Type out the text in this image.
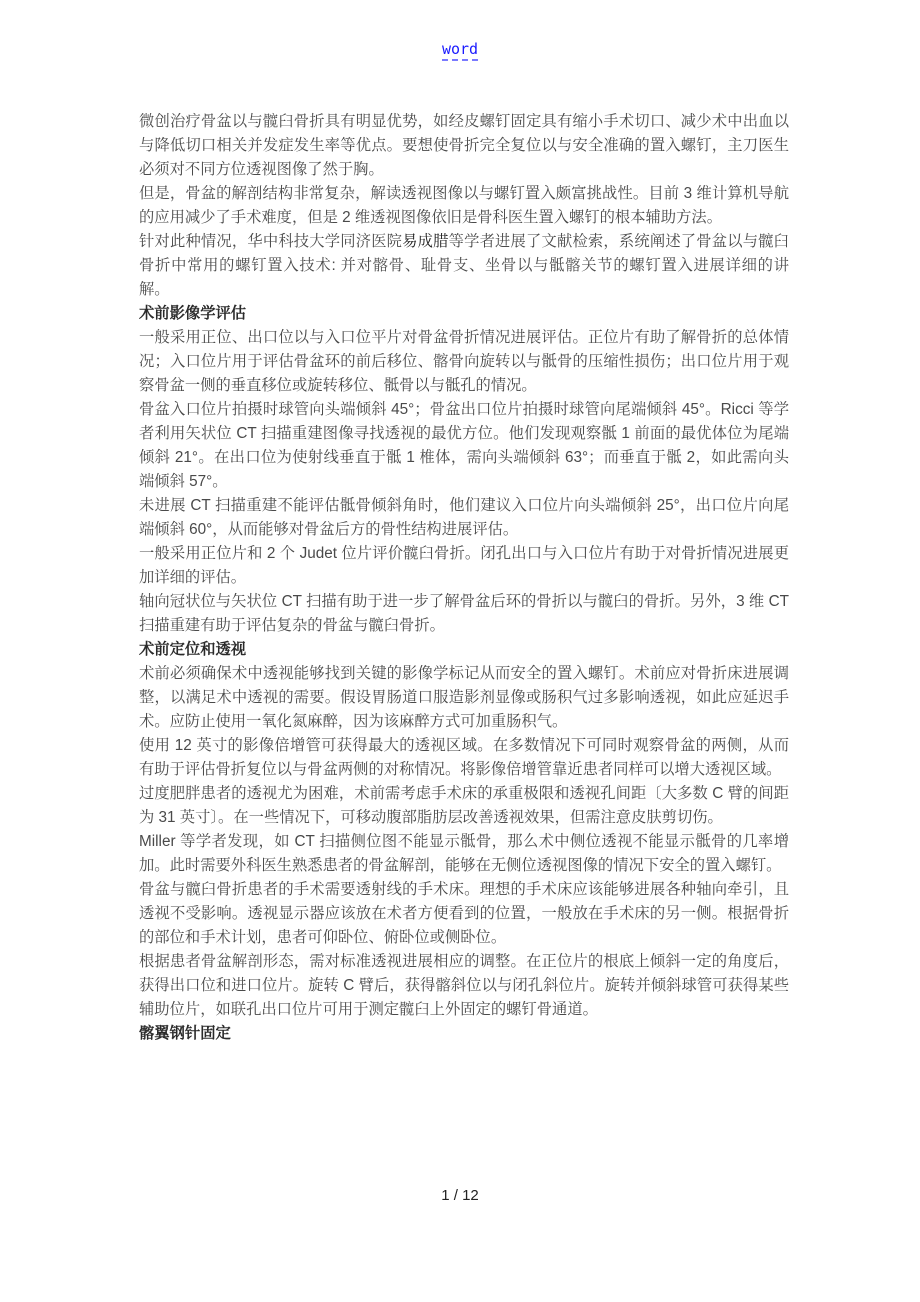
word

微创治疗骨盆以与髋臼骨折具有明显优势，如经皮螺钉固定具有缩小手术切口、减少术中出血以与降低切口相关并发症发生率等优点。要想使骨折完全复位以与安全准确的置入螺钉，主刀医生必须对不同方位透视图像了然于胸。

但是，骨盆的解剖结构非常复杂，解读透视图像以与螺钉置入颇富挑战性。目前 3 维计算机导航的应用减少了手术难度，但是 2 维透视图像依旧是骨科医生置入螺钉的根本辅助方法。

针对此种情况，华中科技大学同济医院易成腊等学者进展了文献检索，系统阐述了骨盆以与髋臼骨折中常用的螺钉置入技术: 并对髂骨、耻骨支、坐骨以与骶髂关节的螺钉置入进展详细的讲解。

术前影像学评估

一般采用正位、出口位以与入口位平片对骨盆骨折情况进展评估。正位片有助了解骨折的总体情况；入口位片用于评估骨盆环的前后移位、髂骨向旋转以与骶骨的压缩性损伤；出口位片用于观察骨盆一侧的垂直移位或旋转移位、骶骨以与骶孔的情况。

骨盆入口位片拍摄时球管向头端倾斜 45°；骨盆出口位片拍摄时球管向尾端倾斜 45°。Ricci 等学者利用矢状位 CT 扫描重建图像寻找透视的最优方位。他们发现观察骶 1 前面的最优体位为尾端倾斜 21°。在出口位为使射线垂直于骶 1 椎体，需向头端倾斜 63°；而垂直于骶 2，如此需向头端倾斜 57°。

未进展 CT 扫描重建不能评估骶骨倾斜角时，他们建议入口位片向头端倾斜 25°，出口位片向尾端倾斜 60°，从而能够对骨盆后方的骨性结构进展评估。

一般采用正位片和 2 个 Judet 位片评价髋臼骨折。闭孔出口与入口位片有助于对骨折情况进展更加详细的评估。

轴向冠状位与矢状位 CT 扫描有助于进一步了解骨盆后环的骨折以与髋臼的骨折。另外，3 维 CT 扫描重建有助于评估复杂的骨盆与髋臼骨折。

术前定位和透视

术前必须确保术中透视能够找到关键的影像学标记从而安全的置入螺钉。术前应对骨折床进展调整，以满足术中透视的需要。假设胃肠道口服造影剂显像或肠积气过多影响透视，如此应延迟手术。应防止使用一氧化氮麻醉，因为该麻醉方式可加重肠积气。

使用 12 英寸的影像倍增管可获得最大的透视区域。在多数情况下可同时观察骨盆的两侧，从而有助于评估骨折复位以与骨盆两侧的对称情况。将影像倍增管靠近患者同样可以增大透视区域。

过度肥胖患者的透视尤为困难，术前需考虑手术床的承重极限和透视孔间距〔大多数 C 臂的间距为 31 英寸〕。在一些情况下，可移动腹部脂肪层改善透视效果，但需注意皮肤剪切伤。

Miller 等学者发现，如 CT 扫描侧位图不能显示骶骨，那么术中侧位透视不能显示骶骨的几率增加。此时需要外科医生熟悉患者的骨盆解剖，能够在无侧位透视图像的情况下安全的置入螺钉。

骨盆与髋臼骨折患者的手术需要透射线的手术床。理想的手术床应该能够进展各种轴向牵引，且透视不受影响。透视显示器应该放在术者方便看到的位置，一般放在手术床的另一侧。根据骨折的部位和手术计划，患者可仰卧位、俯卧位或侧卧位。

根据患者骨盆解剖形态，需对标准透视进展相应的调整。在正位片的根底上倾斜一定的角度后，获得出口位和进口位片。旋转 C 臂后，获得髂斜位以与闭孔斜位片。旋转并倾斜球管可获得某些辅助位片，如联孔出口位片可用于测定髋臼上外固定的螺钉骨通道。

髂翼钢针固定
1 / 12
